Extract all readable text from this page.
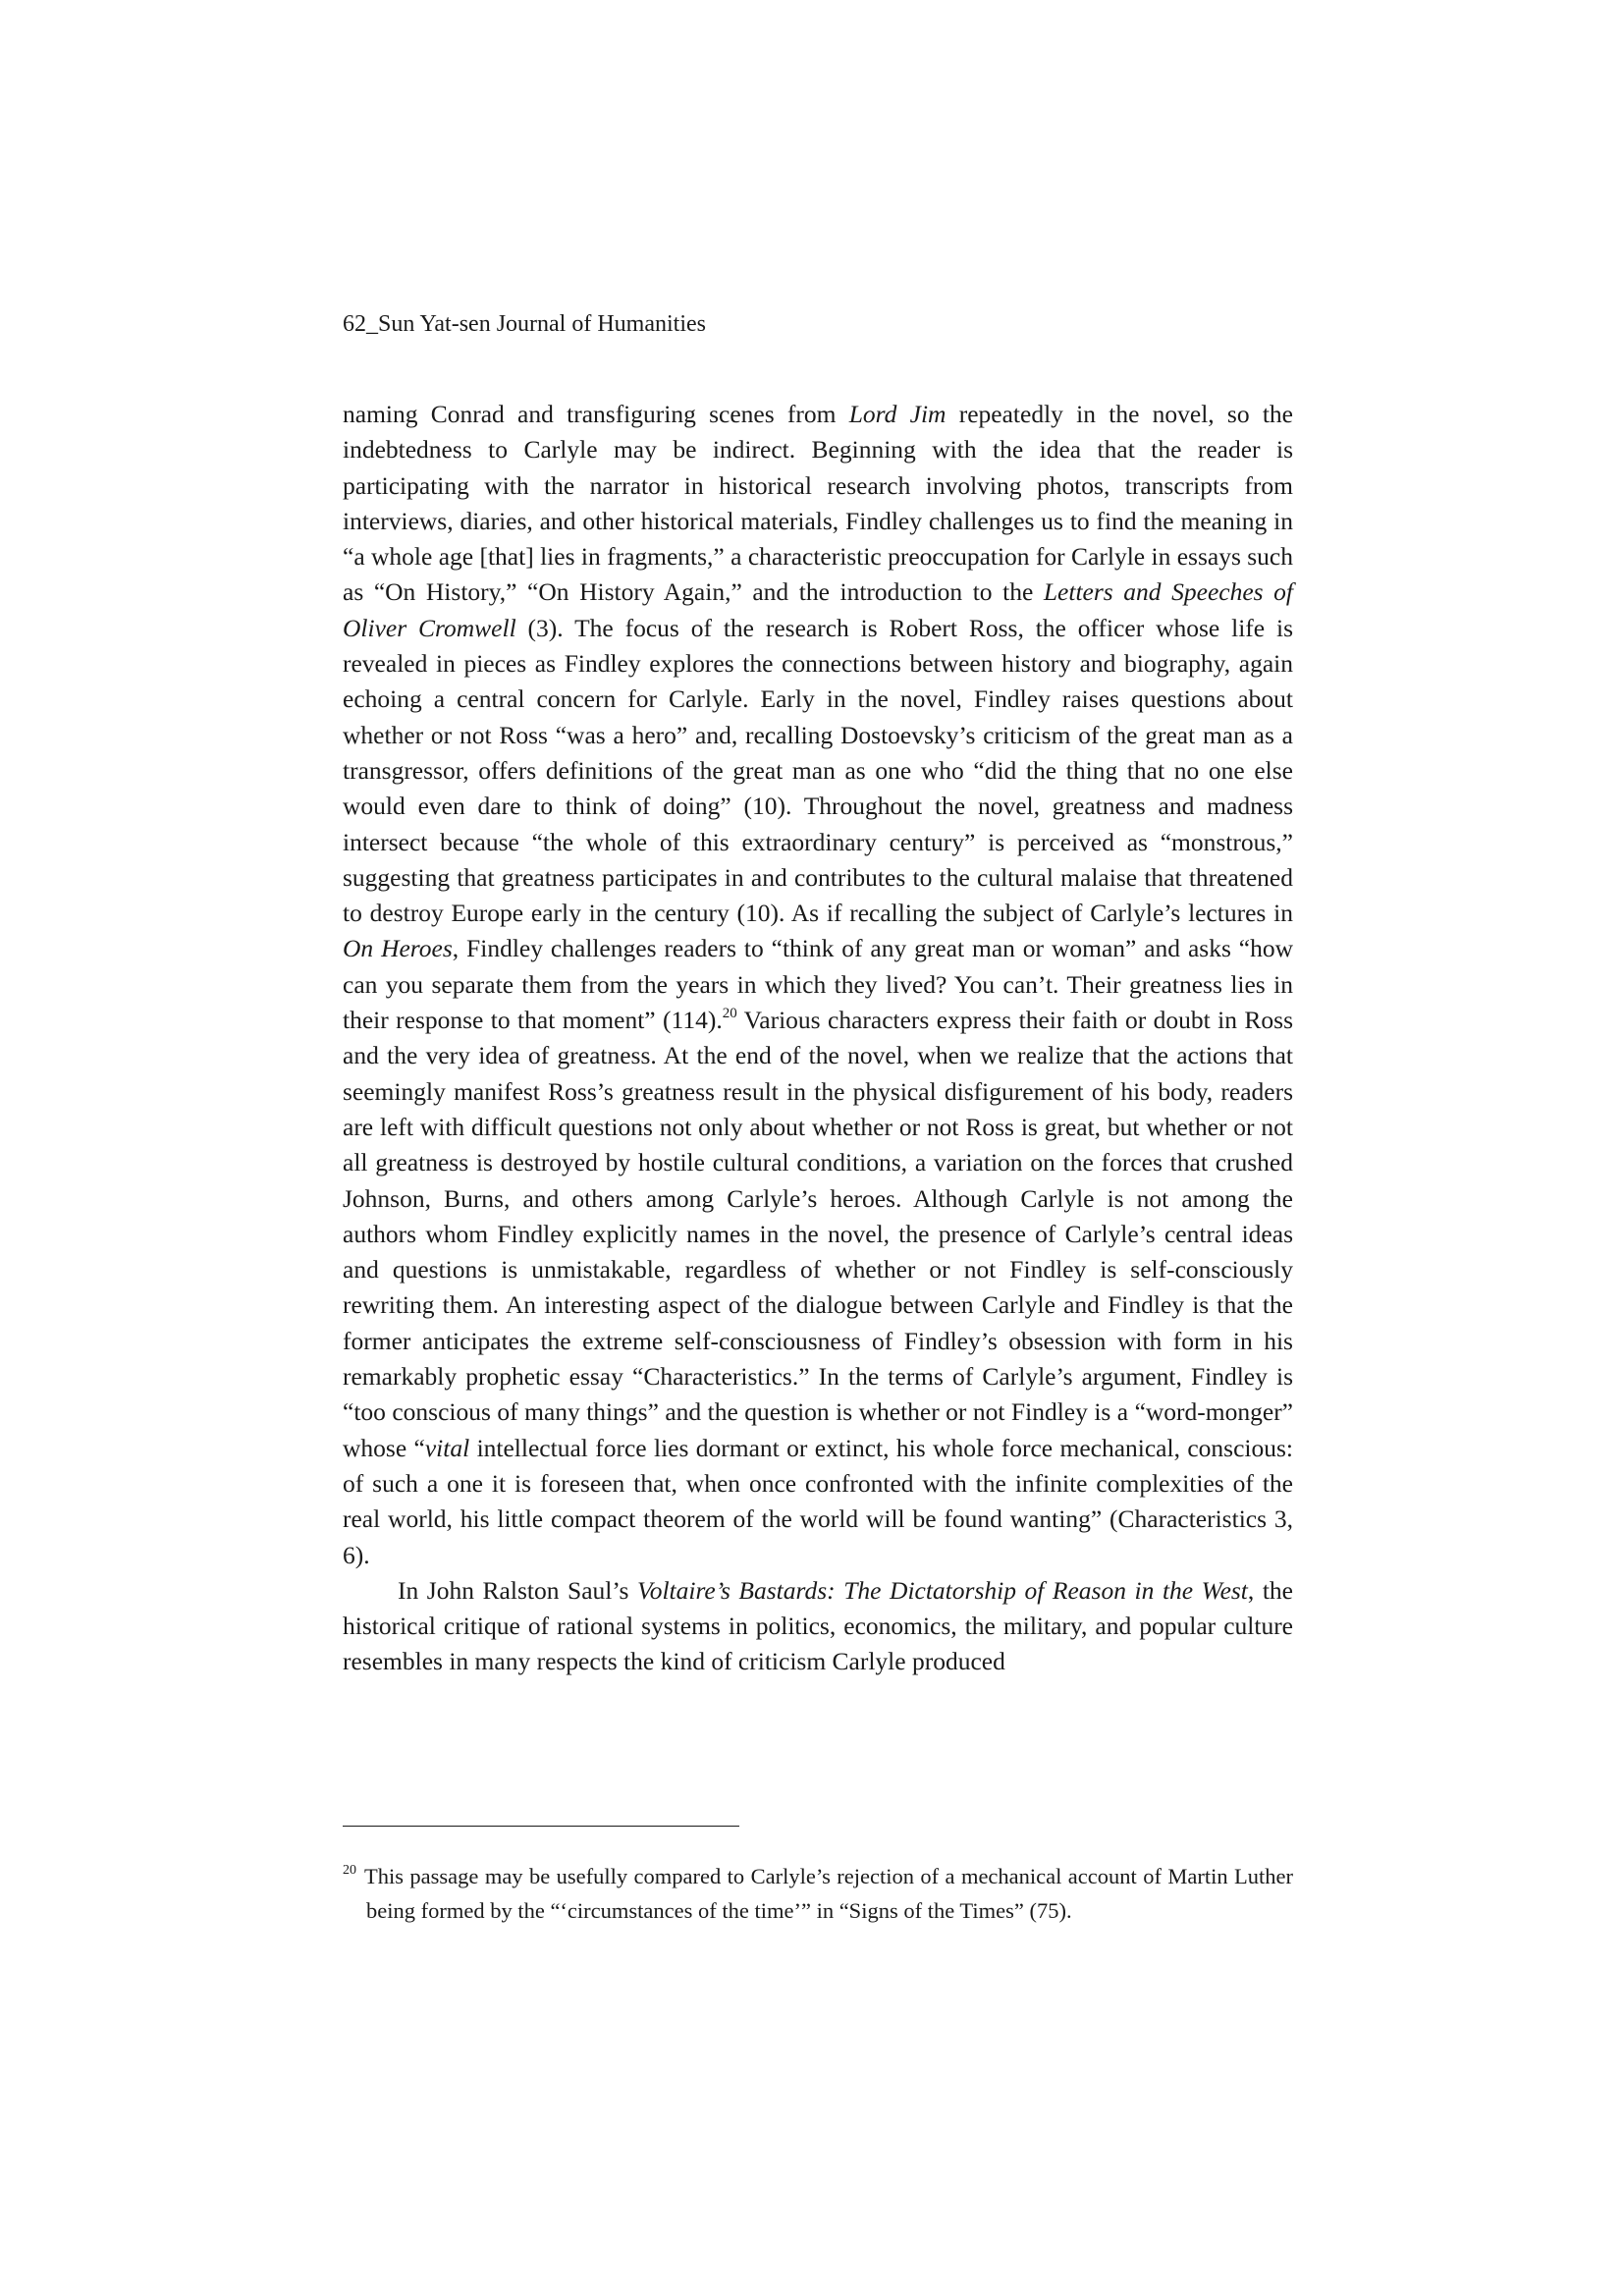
62_Sun Yat-sen Journal of Humanities

naming Conrad and transfiguring scenes from Lord Jim repeatedly in the novel, so the indebtedness to Carlyle may be indirect. Beginning with the idea that the reader is participating with the narrator in historical research involving photos, transcripts from interviews, diaries, and other historical materials, Findley challenges us to find the meaning in “a whole age [that] lies in fragments,” a characteristic preoccupation for Carlyle in essays such as “On History,” “On History Again,” and the introduction to the Letters and Speeches of Oliver Cromwell (3). The focus of the research is Robert Ross, the officer whose life is revealed in pieces as Findley explores the connections between history and biography, again echoing a central concern for Carlyle. Early in the novel, Findley raises questions about whether or not Ross “was a hero” and, recalling Dostoevsky’s criticism of the great man as a transgressor, offers definitions of the great man as one who “did the thing that no one else would even dare to think of doing” (10). Throughout the novel, greatness and madness intersect because “the whole of this extraordinary century” is perceived as “monstrous,” suggesting that greatness participates in and contributes to the cultural malaise that threatened to destroy Europe early in the century (10). As if recalling the subject of Carlyle’s lectures in On Heroes, Findley challenges readers to “think of any great man or woman” and asks “how can you separate them from the years in which they lived? You can’t. Their greatness lies in their response to that moment” (114).$^{20}$ Various characters express their faith or doubt in Ross and the very idea of greatness. At the end of the novel, when we realize that the actions that seemingly manifest Ross’s greatness result in the physical disfigurement of his body, readers are left with difficult questions not only about whether or not Ross is great, but whether or not all greatness is destroyed by hostile cultural conditions, a variation on the forces that crushed Johnson, Burns, and others among Carlyle’s heroes. Although Carlyle is not among the authors whom Findley explicitly names in the novel, the presence of Carlyle’s central ideas and questions is unmistakable, regardless of whether or not Findley is self-consciously rewriting them. An interesting aspect of the dialogue between Carlyle and Findley is that the former anticipates the extreme self-consciousness of Findley’s obsession with form in his remarkably prophetic essay “Characteristics.” In the terms of Carlyle’s argument, Findley is “too conscious of many things” and the question is whether or not Findley is a “word-monger” whose “vital intellectual force lies dormant or extinct, his whole force mechanical, conscious: of such a one it is foreseen that, when once confronted with the infinite complexities of the real world, his little compact theorem of the world will be found wanting” (Characteristics 3, 6).

In John Ralston Saul’s Voltaire’s Bastards: The Dictatorship of Reason in the West, the historical critique of rational systems in politics, economics, the military, and popular culture resembles in many respects the kind of criticism Carlyle produced

$^{20}$ This passage may be usefully compared to Carlyle’s rejection of a mechanical account of Martin Luther being formed by the “‘circumstances of the time’” in “Signs of the Times” (75).
